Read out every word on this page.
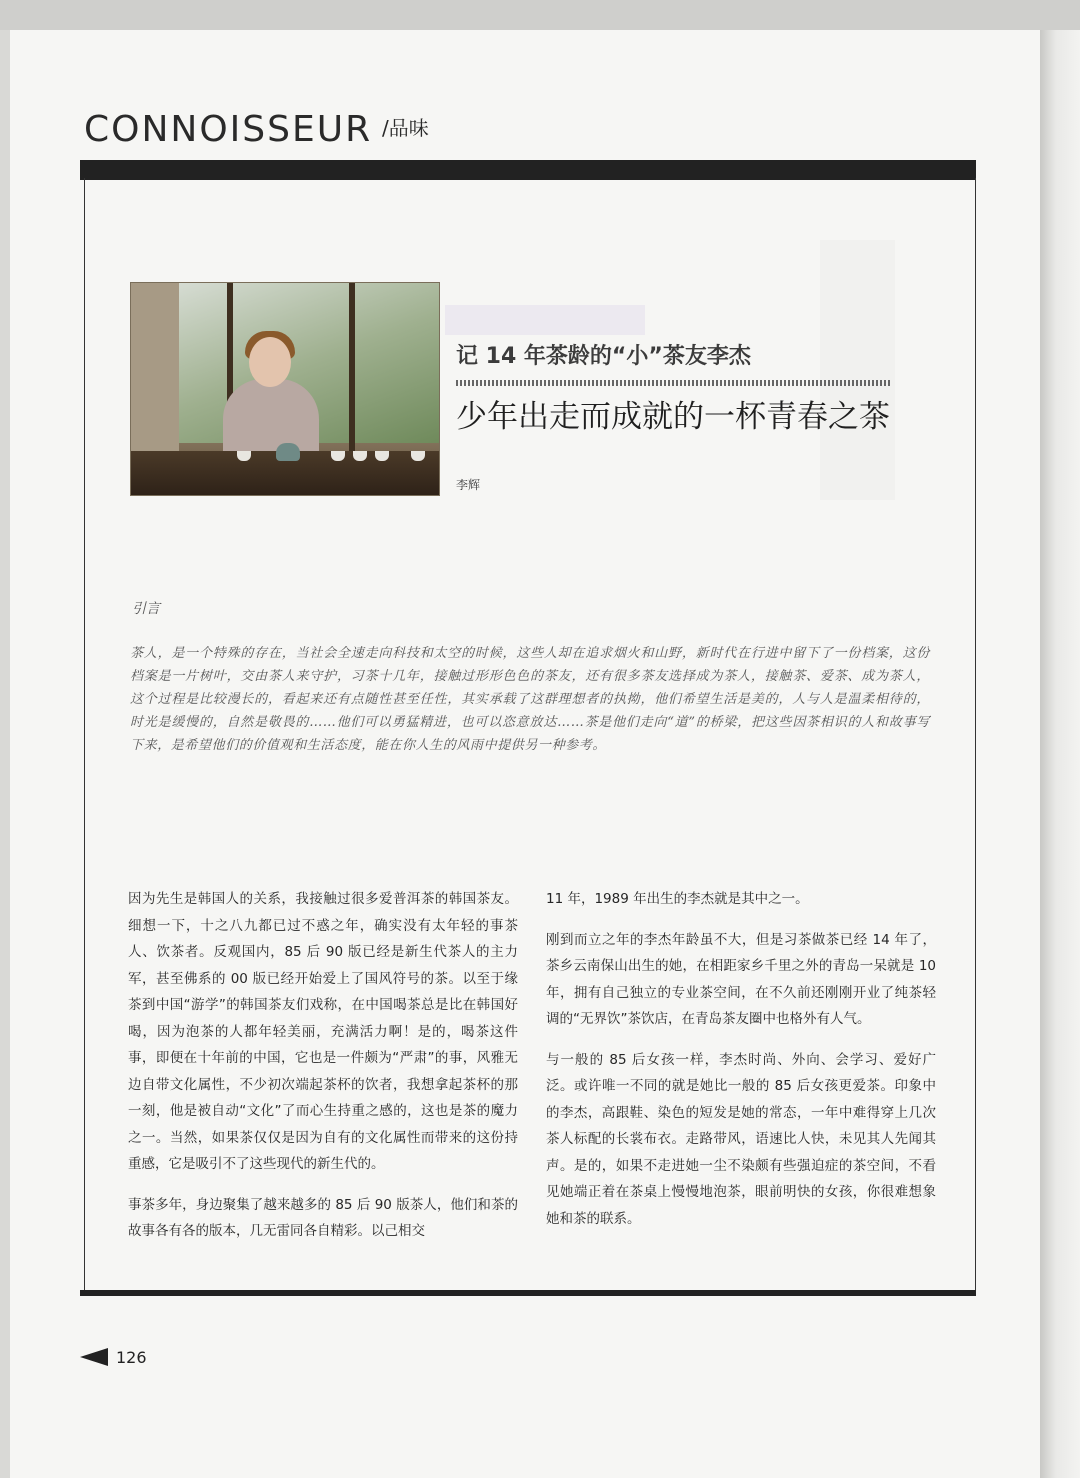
CONNOISSEUR /品味
记 14 年茶龄的“小”茶友李杰
少年出走而成就的一杯青春之茶
李辉
引言

茶人，是一个特殊的存在，当社会全速走向科技和太空的时候，这些人却在追求烟火和山野，新时代在行进中留下了一份档案，这份档案是一片树叶，交由茶人来守护，习茶十几年，接触过形形色色的茶友，还有很多茶友选择成为茶人，接触茶、爱茶、成为茶人，这个过程是比较漫长的，看起来还有点随性甚至任性，其实承载了这群理想者的执拗，他们希望生活是美的，人与人是温柔相待的，时光是缓慢的，自然是敬畏的……他们可以勇猛精进，也可以恣意放达……茶是他们走向“道”的桥梁，把这些因茶相识的人和故事写下来，是希望他们的价值观和生活态度，能在你人生的风雨中提供另一种参考。

因为先生是韩国人的关系，我接触过很多爱普洱茶的韩国茶友。细想一下，十之八九都已过不惑之年，确实没有太年轻的事茶人、饮茶者。反观国内，85 后 90 版已经是新生代茶人的主力军，甚至佛系的 00 版已经开始爱上了国风符号的茶。以至于缘茶到中国“游学”的韩国茶友们戏称，在中国喝茶总是比在韩国好喝，因为泡茶的人都年轻美丽，充满活力啊！是的，喝茶这件事，即便在十年前的中国，它也是一件颇为“严肃”的事，风雅无边自带文化属性，不少初次端起茶杯的饮者，我想拿起茶杯的那一刻，他是被自动“文化”了而心生持重之感的，这也是茶的魔力之一。当然，如果茶仅仅是因为自有的文化属性而带来的这份持重感，它是吸引不了这些现代的新生代的。

事茶多年，身边聚集了越来越多的 85 后 90 版茶人，他们和茶的故事各有各的版本，几无雷同各自精彩。以己相交

11 年，1989 年出生的李杰就是其中之一。

刚到而立之年的李杰年龄虽不大，但是习茶做茶已经 14 年了，茶乡云南保山出生的她，在相距家乡千里之外的青岛一呆就是 10 年，拥有自己独立的专业茶空间，在不久前还刚刚开业了纯茶轻调的“无界饮”茶饮店，在青岛茶友圈中也格外有人气。

与一般的 85 后女孩一样，李杰时尚、外向、会学习、爱好广泛。或许唯一不同的就是她比一般的 85 后女孩更爱茶。印象中的李杰，高跟鞋、染色的短发是她的常态，一年中难得穿上几次茶人标配的长裳布衣。走路带风，语速比人快，未见其人先闻其声。是的，如果不走进她一尘不染颇有些强迫症的茶空间，不看见她端正着在茶桌上慢慢地泡茶，眼前明快的女孩，你很难想象她和茶的联系。

126
